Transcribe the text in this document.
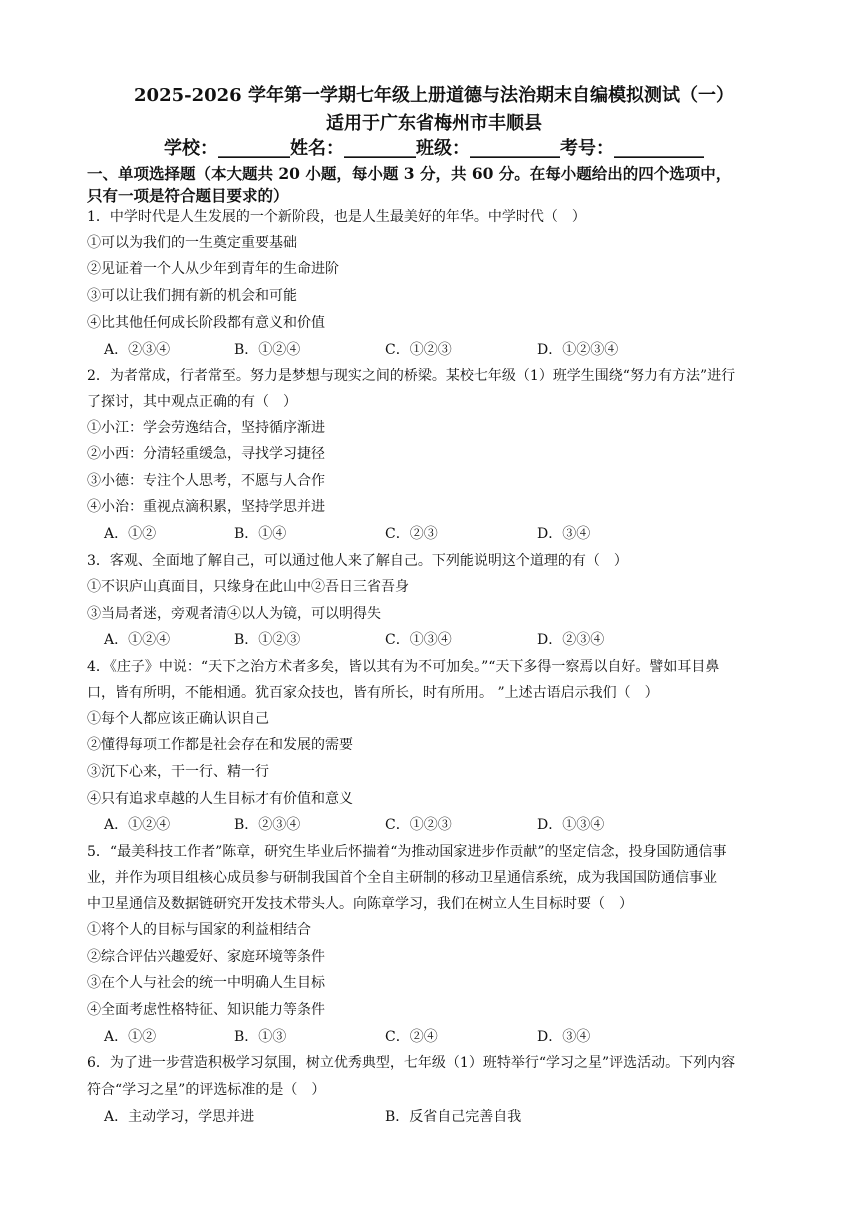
2025-2026 学年第一学期七年级上册道德与法治期末自编模拟测试（一）
适用于广东省梅州市丰顺县
学校：________姓名：________班级：__________考号：__________
一、单项选择题（本大题共 20 小题，每小题 3 分，共 60 分。在每小题给出的四个选项中，
只有一项是符合题目要求的）
1．中学时代是人生发展的一个新阶段，也是人生最美好的年华。中学时代（　）
①可以为我们的一生奠定重要基础
②见证着一个人从少年到青年的生命进阶
③可以让我们拥有新的机会和可能
④比其他任何成长阶段都有意义和价值
A．②③④	B．①②④	C．①②③	D．①②③④
2．为者常成，行者常至。努力是梦想与现实之间的桥梁。某校七年级（1）班学生围绕“努力有方法”进行
了探讨，其中观点正确的有（　）
①小江：学会劳逸结合，坚持循序渐进
②小西：分清轻重缓急，寻找学习捷径
③小德：专注个人思考，不愿与人合作
④小治：重视点滴积累，坚持学思并进
A．①②	B．①④	C．②③	D．③④
3．客观、全面地了解自己，可以通过他人来了解自己。下列能说明这个道理的有（　）
①不识庐山真面目，只缘身在此山中②吾日三省吾身
③当局者迷，旁观者清④以人为镜，可以明得失
A．①②④	B．①②③	C．①③④	D．②③④
4．《庄子》中说：“天下之治方术者多矣，皆以其有为不可加矣。”“天下多得一察焉以自好。譬如耳目鼻
口，皆有所明，不能相通。犹百家众技也，皆有所长，时有所用。 ”上述古语启示我们（　）
①每个人都应该正确认识自己
②懂得每项工作都是社会存在和发展的需要
③沉下心来，干一行、精一行
④只有追求卓越的人生目标才有价值和意义
A．①②④	B．②③④	C．①②③	D．①③④
5．“最美科技工作者”陈章，研究生毕业后怀揣着“为推动国家进步作贡献”的坚定信念，投身国防通信事
业，并作为项目组核心成员参与研制我国首个全自主研制的移动卫星通信系统，成为我国国防通信事业
中卫星通信及数据链研究开发技术带头人。向陈章学习，我们在树立人生目标时要（　）
①将个人的目标与国家的利益相结合
②综合评估兴趣爱好、家庭环境等条件
③在个人与社会的统一中明确人生目标
④全面考虑性格特征、知识能力等条件
A．①②	B．①③	C．②④	D．③④
6．为了进一步营造积极学习氛围，树立优秀典型，七年级（1）班特举行“学习之星”评选活动。下列内容
符合“学习之星”的评选标准的是（　）
A．主动学习，学思并进	B．反省自己完善自我
